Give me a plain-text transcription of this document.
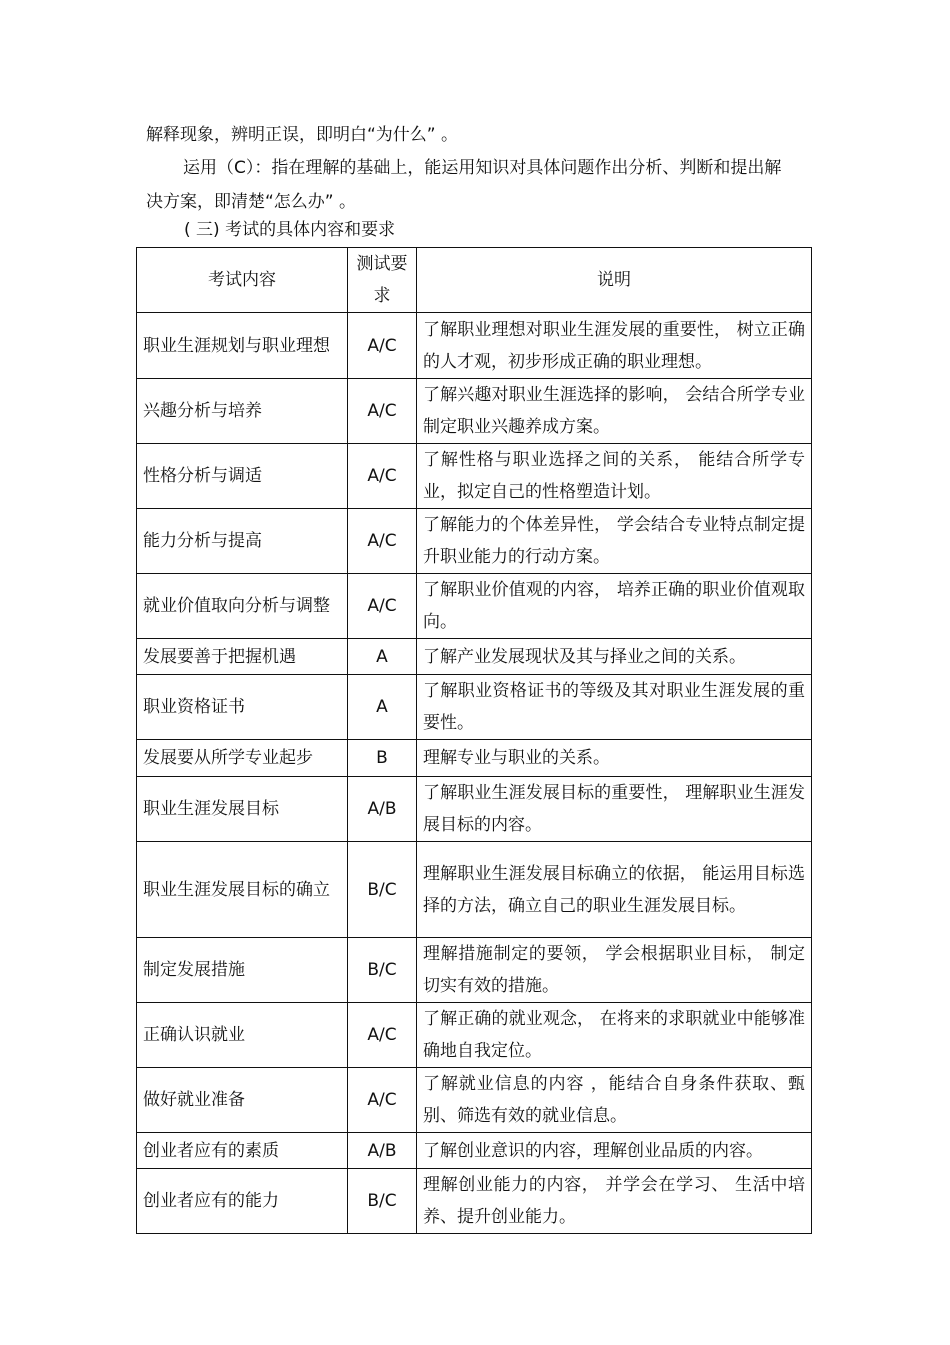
解释现象，辨明正误，即明白“为什么” 。

运用（C）：指在理解的基础上，能运用知识对具体问题作出分析、判断和提出解决方案，即清楚“怎么办” 。

( 三) 考试的具体内容和要求

考试内容	测试要求	说明
职业生涯规划与职业理想	A/C	了解职业理想对职业生涯发展的重要性， 树立正确的人才观，初步形成正确的职业理想。
兴趣分析与培养	A/C	了解兴趣对职业生涯选择的影响， 会结合所学专业制定职业兴趣养成方案。
性格分析与调适	A/C	了解性格与职业选择之间的关系， 能结合所学专业，拟定自己的性格塑造计划。
能力分析与提高	A/C	了解能力的个体差异性， 学会结合专业特点制定提升职业能力的行动方案。
就业价值取向分析与调整	A/C	了解职业价值观的内容， 培养正确的职业价值观取向。
发展要善于把握机遇	A	了解产业发展现状及其与择业之间的关系。
职业资格证书	A	了解职业资格证书的等级及其对职业生涯发展的重要性。
发展要从所学专业起步	B	理解专业与职业的关系。
职业生涯发展目标	A/B	了解职业生涯发展目标的重要性， 理解职业生涯发展目标的内容。
职业生涯发展目标的确立	B/C	理解职业生涯发展目标确立的依据， 能运用目标选择的方法，确立自己的职业生涯发展目标。
制定发展措施	B/C	理解措施制定的要领， 学会根据职业目标， 制定切实有效的措施。
正确认识就业	A/C	了解正确的就业观念， 在将来的求职就业中能够准确地自我定位。
做好就业准备	A/C	了解就业信息的内容 ，能结合自身条件获取、甄别、筛选有效的就业信息。
创业者应有的素质	A/B	了解创业意识的内容，理解创业品质的内容。
创业者应有的能力	B/C	理解创业能力的内容， 并学会在学习、 生活中培养、提升创业能力。
